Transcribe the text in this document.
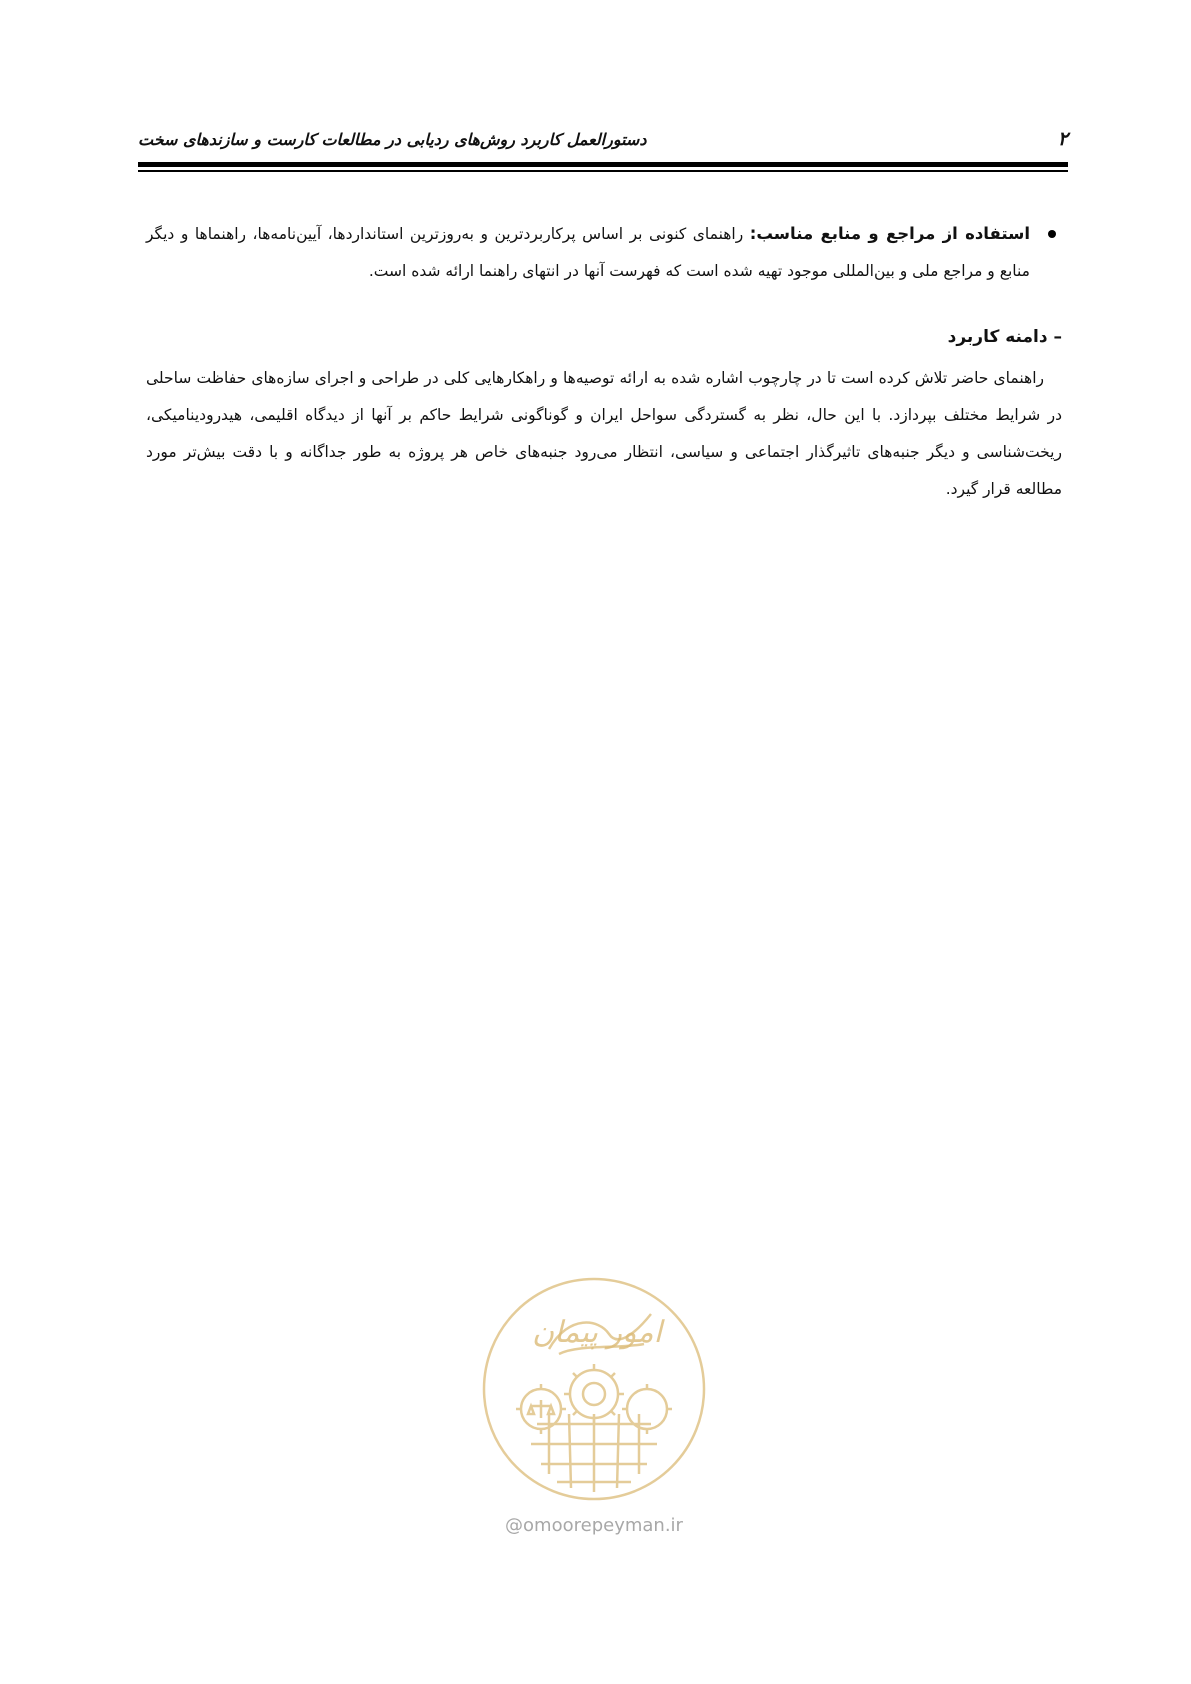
۲
دستورالعمل کاربرد روش‌های ردیابی در مطالعات کارست و سازندهای سخت

استفاده از مراجع و منابع مناسب: راهنمای کنونی بر اساس پرکاربردترین و به‌روزترین استانداردها، آیین‌نامه‌ها، راهنماها و دیگر منابع و مراجع ملی و بین‌المللی موجود تهیه شده است که فهرست آنها در انتهای راهنما ارائه شده است.

– دامنه کاربرد

راهنمای حاضر تلاش کرده است تا در چارچوب اشاره شده به ارائه توصیه‌ها و راهکارهایی کلی در طراحی و اجرای سازه‌های حفاظت ساحلی در شرایط مختلف بپردازد. با این حال، نظر به گستردگی سواحل ایران و گوناگونی شرایط حاکم بر آنها از دیدگاه اقلیمی، هیدرودینامیکی، ریخت‌شناسی و دیگر جنبه‌های تاثیرگذار اجتماعی و سیاسی، انتظار می‌رود جنبه‌های خاص هر پروژه به طور جداگانه و با دقت بیش‌تر مورد مطالعه قرار گیرد.

امور پیمان
@omoorepeyman.ir
